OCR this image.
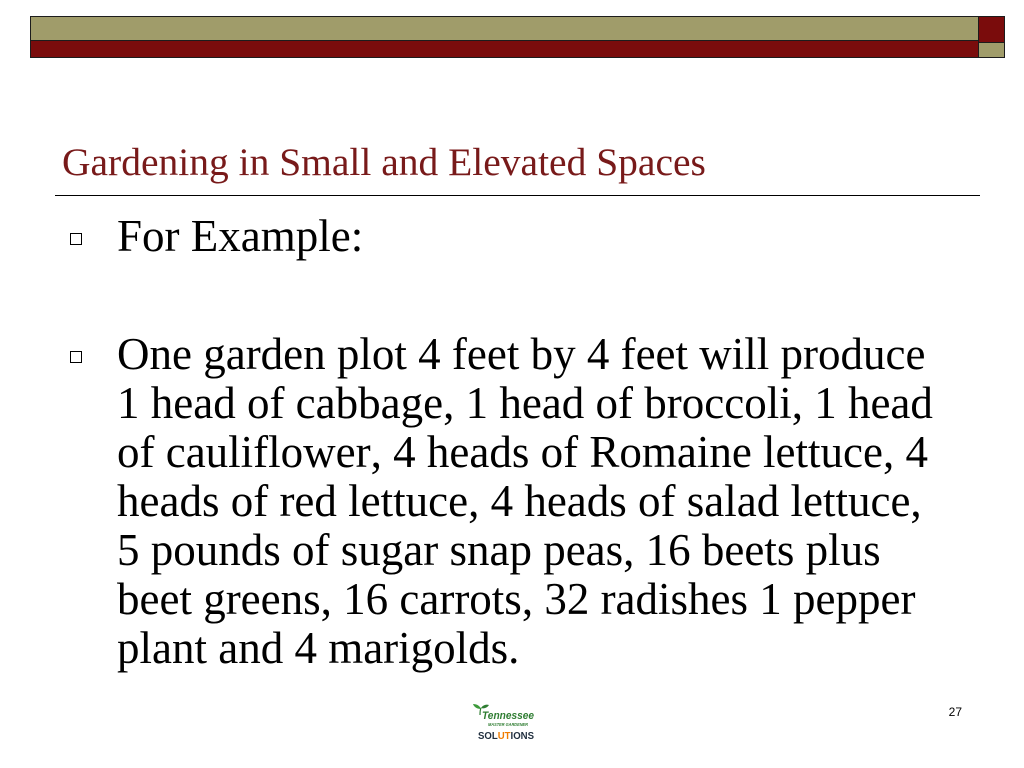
Gardening in Small and Elevated Spaces
For Example:
One garden plot 4 feet by 4 feet will produce 1 head of cabbage, 1 head of broccoli, 1 head of cauliflower, 4 heads of Romaine lettuce, 4 heads of red lettuce, 4 heads of salad lettuce, 5 pounds of sugar snap peas, 16 beets plus beet greens, 16 carrots, 32 radishes 1 pepper plant and 4 marigolds.
Tennessee
MASTER GARDENER
SOLUTIONS
27
